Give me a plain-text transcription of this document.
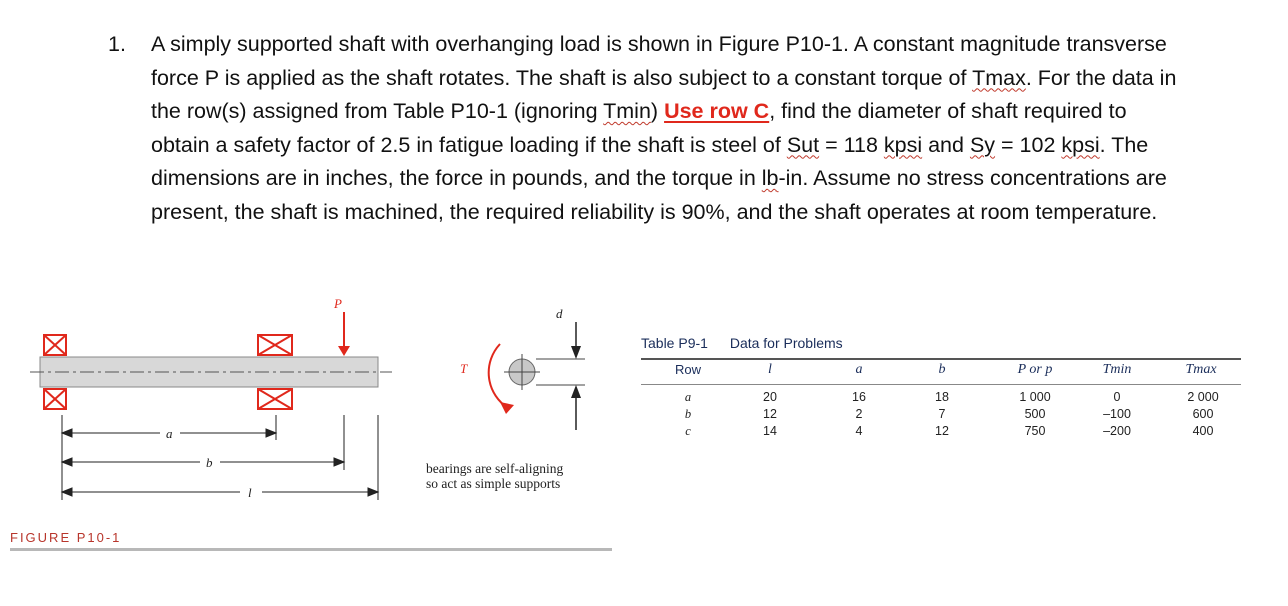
1. A simply supported shaft with overhanging load is shown in Figure P10-1. A constant magnitude transverse force P is applied as the shaft rotates. The shaft is also subject to a constant torque of Tmax. For the data in the row(s) assigned from Table P10-1 (ignoring Tmin) Use row C, find the diameter of shaft required to obtain a safety factor of 2.5 in fatigue loading if the shaft is steel of Sut = 118 kpsi and Sy = 102 kpsi. The dimensions are in inches, the force in pounds, and the torque in lb-in. Assume no stress concentrations are present, the shaft is machined, the required reliability is 90%, and the shaft operates at room temperature.
P
a
b
l
d
T
bearings are self-aligning
so act as simple supports
FIGURE P10-1
Table P9-1 Data for Problems
Row	l	a	b	P or p	Tmin	Tmax
a	20	16	18	1 000	0	2 000
b	12	2	7	500	–100	600
c	14	4	12	750	–200	400
